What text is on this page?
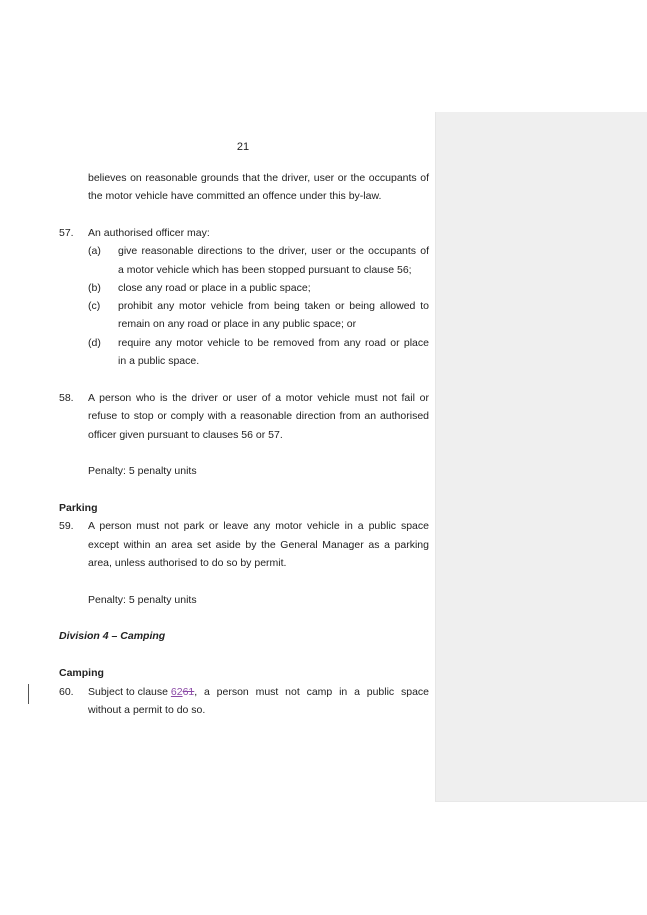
21
believes on reasonable grounds that the driver, user or the occupants of
the motor vehicle have committed an offence under this by-law.
57. An authorised officer may:
(a) give reasonable directions to the driver, user or the occupants of
a motor vehicle which has been stopped pursuant to clause 56;
(b) close any road or place in a public space;
(c) prohibit any motor vehicle from being taken or being allowed to
remain on any road or place in any public space; or
(d) require any motor vehicle to be removed from any road or place
in a public space.
58. A person who is the driver or user of a motor vehicle must not fail or
refuse to stop or comply with a reasonable direction from an authorised
officer given pursuant to clauses 56 or 57.
Penalty: 5 penalty units
Parking
59. A person must not park or leave any motor vehicle in a public space
except within an area set aside by the General Manager as a parking
area, unless authorised to do so by permit.
Penalty: 5 penalty units
Division 4 – Camping
Camping
60. Subject to clause 6261 , a person must not camp in a public space
without a permit to do so.
